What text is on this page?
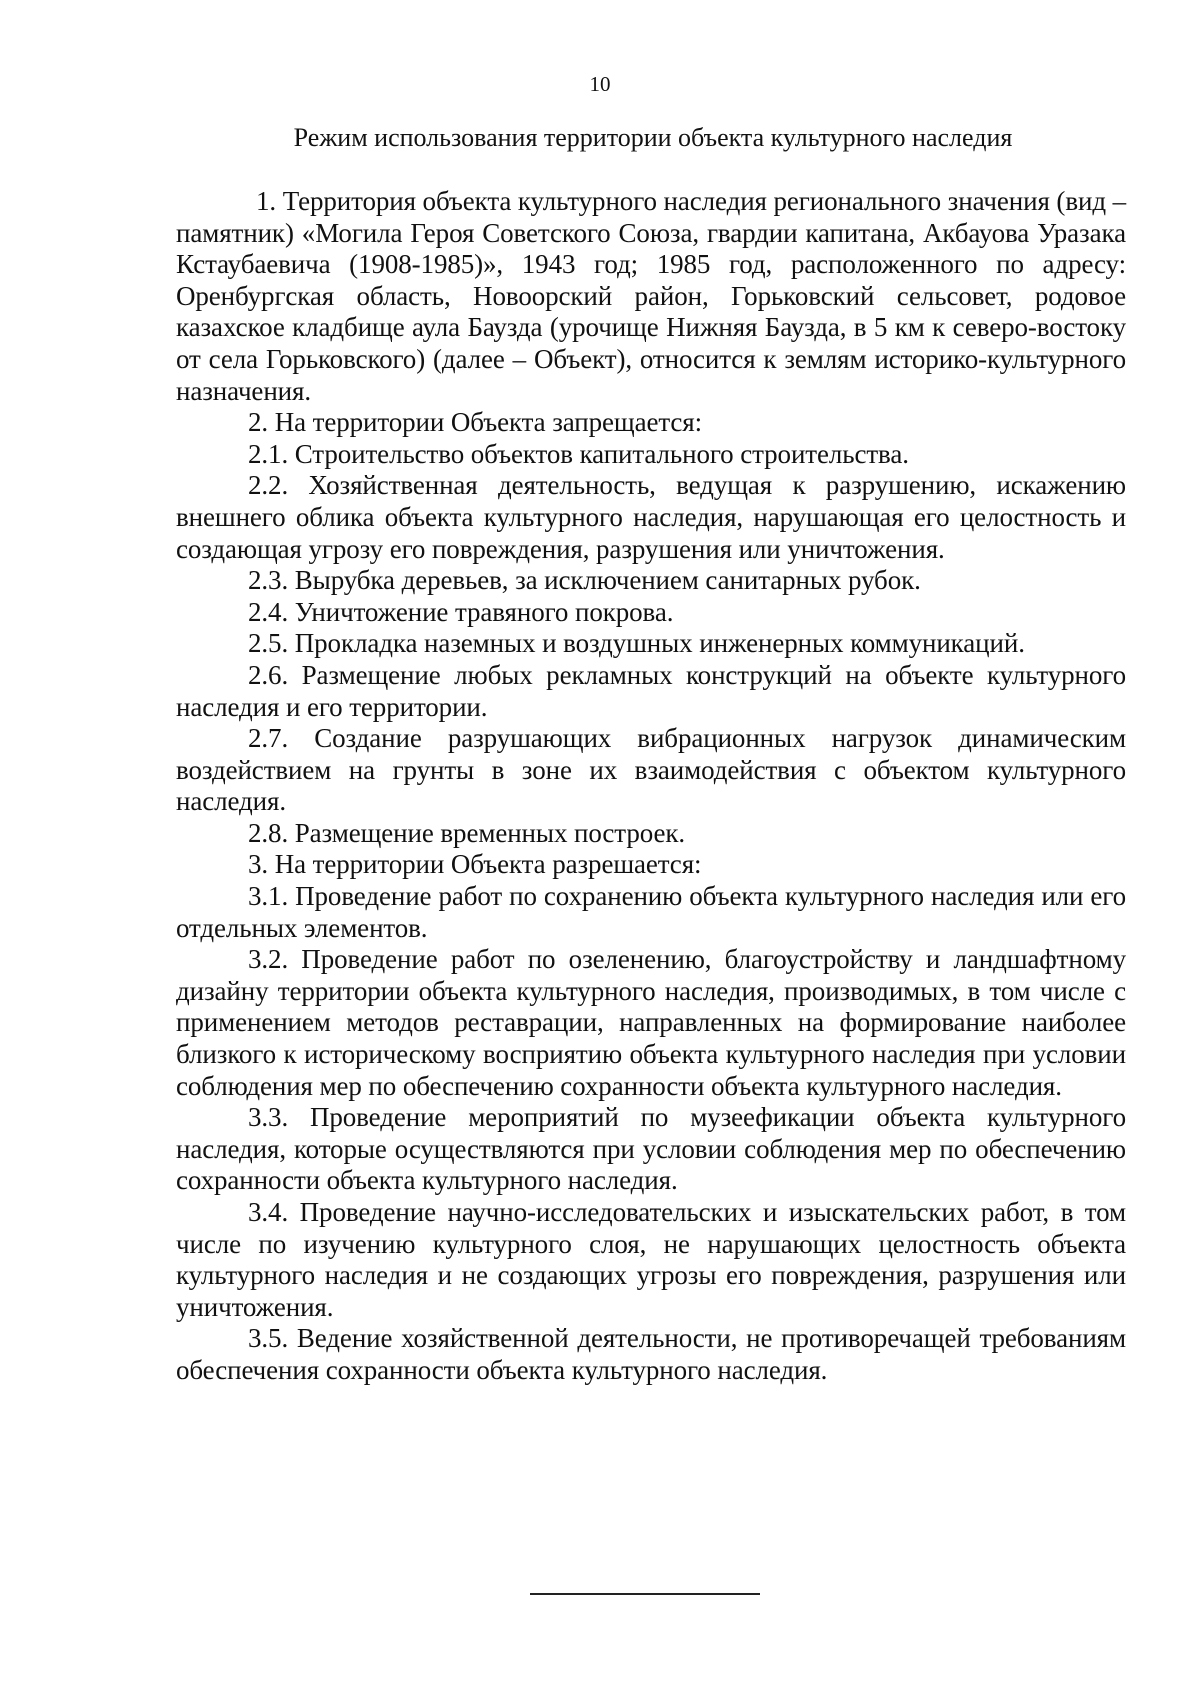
10
Режим использования территории объекта культурного наследия

1. Территория объекта культурного наследия регионального значения (вид – памятник) «Могила Героя Советского Союза, гвардии капитана, Акбауова Уразака Кстаубаевича (1908-1985)», 1943 год; 1985 год, расположенного по адресу: Оренбургская область, Новоорский район, Горьковский сельсовет, родовое казахское кладбище аула Баузда (урочище Нижняя Баузда, в 5 км к северо-востоку от села Горьковского) (далее – Объект), относится к землям историко-культурного назначения.

2. На территории Объекта запрещается:

2.1. Строительство объектов капитального строительства.

2.2. Хозяйственная деятельность, ведущая к разрушению, искажению внешнего облика объекта культурного наследия, нарушающая его целостность и создающая угрозу его повреждения, разрушения или уничтожения.

2.3. Вырубка деревьев, за исключением санитарных рубок.

2.4. Уничтожение травяного покрова.

2.5. Прокладка наземных и воздушных инженерных коммуникаций.

2.6. Размещение любых рекламных конструкций на объекте культурного наследия и его территории.

2.7. Создание разрушающих вибрационных нагрузок динамическим воздействием на грунты в зоне их взаимодействия с объектом культурного наследия.

2.8. Размещение временных построек.

3. На территории Объекта разрешается:

3.1. Проведение работ по сохранению объекта культурного наследия или его отдельных элементов.

3.2. Проведение работ по озеленению, благоустройству и ландшафтному дизайну территории объекта культурного наследия, производимых, в том числе с применением методов реставрации, направленных на формирование наиболее близкого к историческому восприятию объекта культурного наследия при условии соблюдения мер по обеспечению сохранности объекта культурного наследия.

3.3. Проведение мероприятий по музеефикации объекта культурного наследия, которые осуществляются при условии соблюдения мер по обеспечению сохранности объекта культурного наследия.

3.4. Проведение научно-исследовательских и изыскательских работ, в том числе по изучению культурного слоя, не нарушающих целостность объекта культурного наследия и не создающих угрозы его повреждения, разрушения или уничтожения.

3.5. Ведение хозяйственной деятельности, не противоречащей требованиям обеспечения сохранности объекта культурного наследия.
